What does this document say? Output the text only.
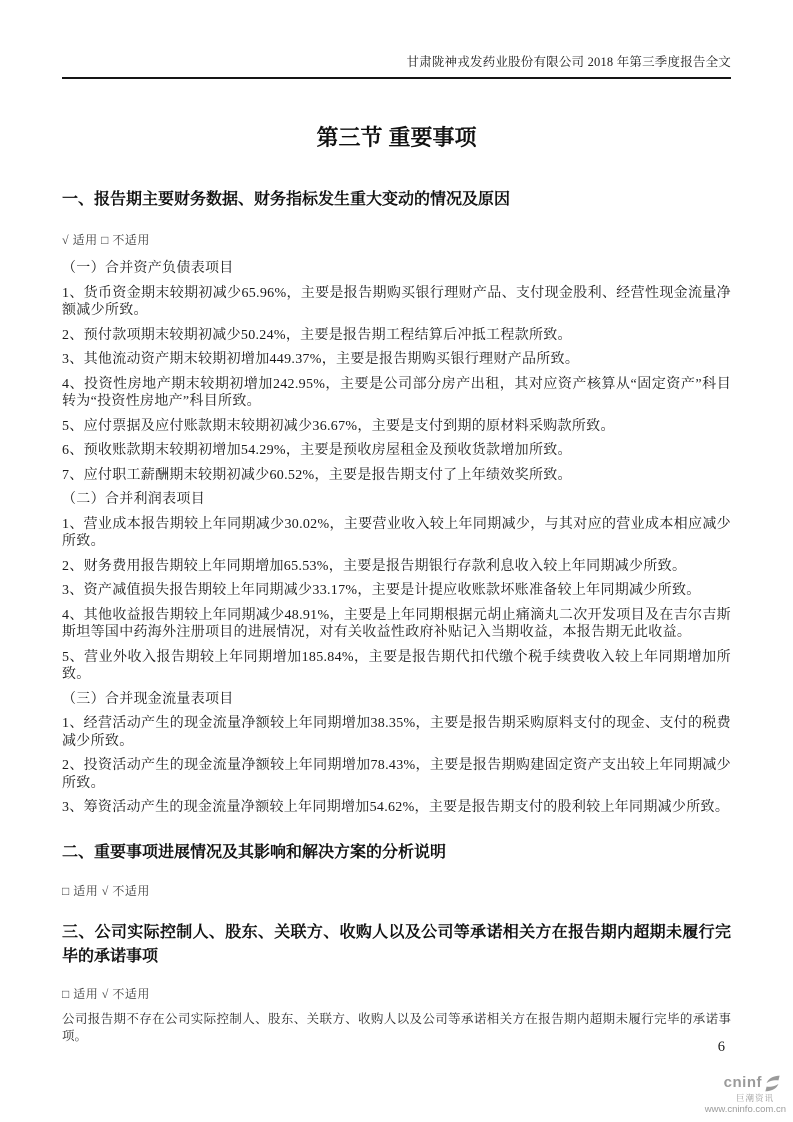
甘肃陇神戎发药业股份有限公司 2018 年第三季度报告全文
第三节 重要事项
一、报告期主要财务数据、财务指标发生重大变动的情况及原因
√ 适用 □ 不适用
（一）合并资产负债表项目

1、货币资金期末较期初减少65.96%，主要是报告期购买银行理财产品、支付现金股利、经营性现金流量净额减少所致。

2、预付款项期末较期初减少50.24%，主要是报告期工程结算后冲抵工程款所致。

3、其他流动资产期末较期初增加449.37%，主要是报告期购买银行理财产品所致。

4、投资性房地产期末较期初增加242.95%，主要是公司部分房产出租，其对应资产核算从“固定资产”科目转为“投资性房地产”科目所致。

5、应付票据及应付账款期末较期初减少36.67%，主要是支付到期的原材料采购款所致。

6、预收账款期末较期初增加54.29%，主要是预收房屋租金及预收货款增加所致。

7、应付职工薪酬期末较期初减少60.52%，主要是报告期支付了上年绩效奖所致。

（二）合并利润表项目

1、营业成本报告期较上年同期减少30.02%，主要营业收入较上年同期减少，与其对应的营业成本相应减少所致。

2、财务费用报告期较上年同期增加65.53%，主要是报告期银行存款利息收入较上年同期减少所致。

3、资产减值损失报告期较上年同期减少33.17%，主要是计提应收账款坏账准备较上年同期减少所致。

4、其他收益报告期较上年同期减少48.91%，主要是上年同期根据元胡止痛滴丸二次开发项目及在吉尔吉斯斯坦等国中药海外注册项目的进展情况，对有关收益性政府补贴记入当期收益，本报告期无此收益。

5、营业外收入报告期较上年同期增加185.84%，主要是报告期代扣代缴个税手续费收入较上年同期增加所致。

（三）合并现金流量表项目

1、经营活动产生的现金流量净额较上年同期增加38.35%，主要是报告期采购原料支付的现金、支付的税费减少所致。

2、投资活动产生的现金流量净额较上年同期增加78.43%，主要是报告期购建固定资产支出较上年同期减少所致。

3、筹资活动产生的现金流量净额较上年同期增加54.62%，主要是报告期支付的股利较上年同期减少所致。

二、重要事项进展情况及其影响和解决方案的分析说明
□ 适用 √ 不适用
三、公司实际控制人、股东、关联方、收购人以及公司等承诺相关方在报告期内超期未履行完毕的承诺事项
□ 适用 √ 不适用

公司报告期不存在公司实际控制人、股东、关联方、收购人以及公司等承诺相关方在报告期内超期未履行完毕的承诺事项。

6
cninf
巨潮资讯
www.cninfo.com.cn
